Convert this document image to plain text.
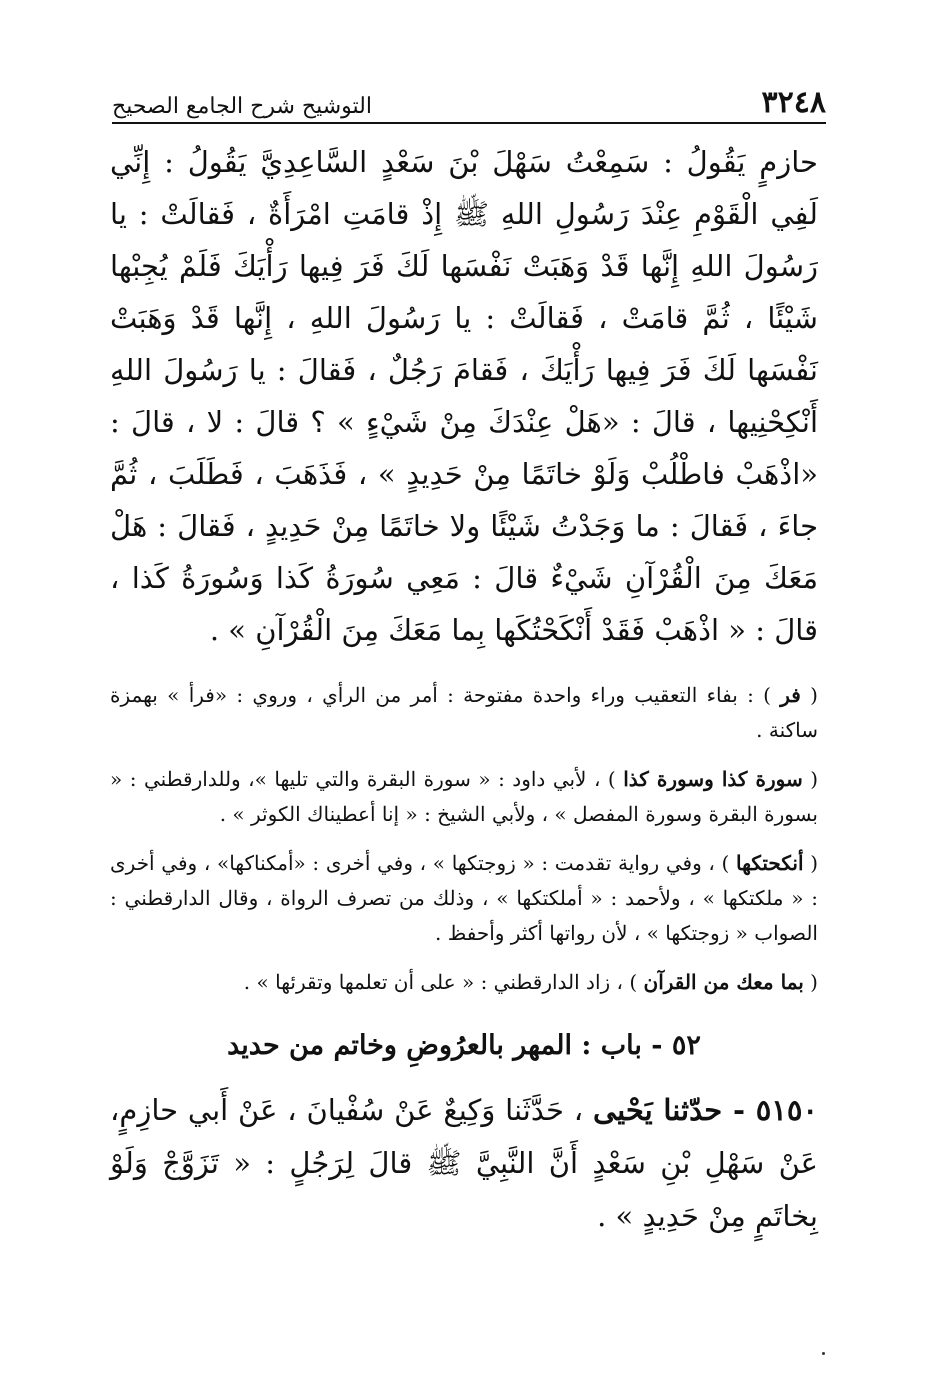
٣٢٤٨
التوشيح شرح الجامع الصحيح

حازمٍ يَقُولُ : سَمِعْتُ سَهْلَ بْنَ سَعْدٍ السَّاعِدِيَّ يَقُولُ : إِنِّي لَفِي الْقَوْمِ عِنْدَ رَسُولِ اللهِ ﷺ إِذْ قامَتِ امْرَأَةٌ ، فَقالَتْ : يا رَسُولَ اللهِ إِنَّها قَدْ وَهَبَتْ نَفْسَها لَكَ فَرَ فِيها رَأْيَكَ فَلَمْ يُجِبْها شَيْئًا ، ثُمَّ قامَتْ ، فَقالَتْ : يا رَسُولَ اللهِ ، إِنَّها قَدْ وَهَبَتْ نَفْسَها لَكَ فَرَ فِيها رَأْيَكَ ، فَقامَ رَجُلٌ ، فَقالَ : يا رَسُولَ اللهِ أَنْكِحْنِيها ، قالَ : «هَلْ عِنْدَكَ مِنْ شَيْءٍ » ؟ قالَ : لا ، قالَ : «اذْهَبْ فاطْلُبْ وَلَوْ خاتَمًا مِنْ حَدِيدٍ » ، فَذَهَبَ ، فَطَلَبَ ، ثُمَّ جاءَ ، فَقالَ : ما وَجَدْتُ شَيْئًا ولا خاتَمًا مِنْ حَدِيدٍ ، فَقالَ : هَلْ مَعَكَ مِنَ الْقُرْآنِ شَيْءٌ قالَ : مَعِي سُورَةُ كَذا وَسُورَةُ كَذا ، قالَ : « اذْهَبْ فَقَدْ أَنْكَحْتُكَها بِما مَعَكَ مِنَ الْقُرْآنِ » .

( فر ) : بفاء التعقيب وراء واحدة مفتوحة : أمر من الرأي ، وروي : «فرأ » بهمزة ساكنة .

( سورة كذا وسورة كذا ) ، لأبي داود : « سورة البقرة والتي تليها »، وللدارقطني : « بسورة البقرة وسورة المفصل » ، ولأبي الشيخ : « إنا أعطيناك الكوثر » .

( أنكحتكها ) ، وفي رواية تقدمت : « زوجتكها » ، وفي أخرى : «أمكناكها» ، وفي أخرى : « ملكتكها » ، ولأحمد : « أملكتكها » ، وذلك من تصرف الرواة ، وقال الدارقطني : الصواب « زوجتكها » ، لأن رواتها أكثر وأحفظ .

( بما معك من القرآن ) ، زاد الدارقطني : « على أن تعلمها وتقرئها » .

٥٢ - باب : المهر بالعرُوضِ وخاتم من حديد

٥١٥٠ - حدّثنا يَحْيى ، حَدَّثَنا وَكِيعٌ عَنْ سُفْيانَ ، عَنْ أَبي حازِمٍ، عَنْ سَهْلِ بْنِ سَعْدٍ أَنَّ النَّبِيَّ ﷺ قالَ لِرَجُلٍ : « تَزَوَّجْ وَلَوْ بِخاتَمٍ مِنْ حَدِيدٍ » .
